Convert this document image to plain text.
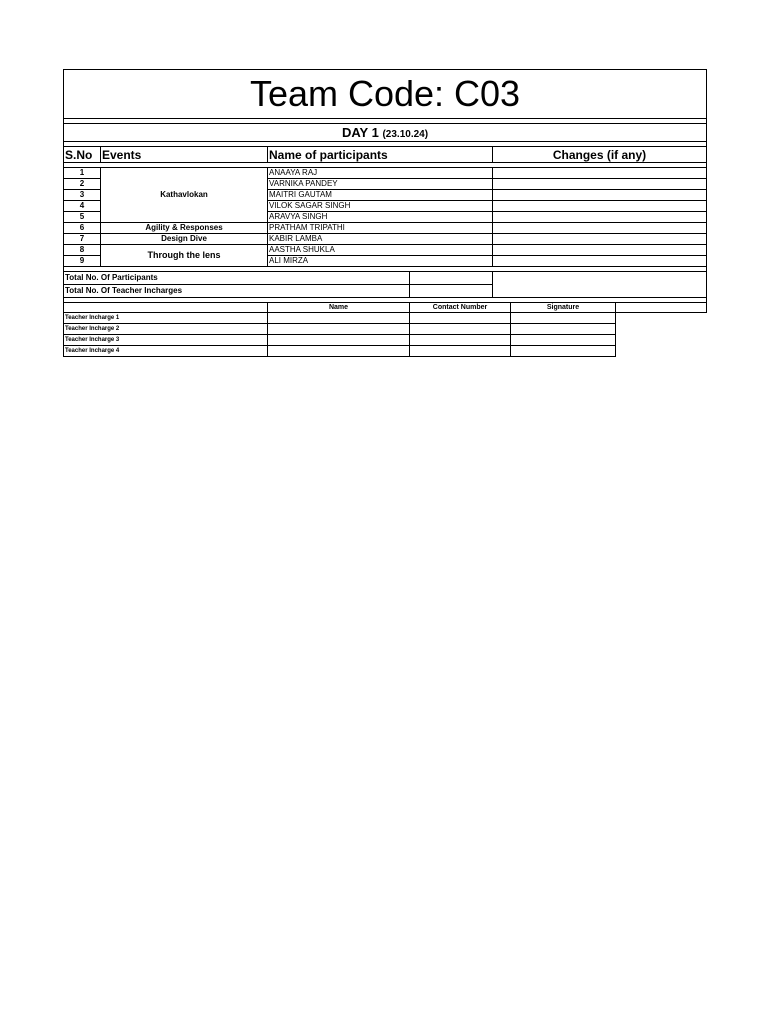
Team Code: C03						

DAY 1 (23.10.24)						

S.No	Events	Name of participants		Changes (if any)		

1	Kathavlokan	ANAAYA RAJ				
2		VARNIKA PANDEY				
3		MAITRI GAUTAM				
4		VILOK SAGAR SINGH				
5		ARAVYA SINGH				
6	Agility & Responses	PRATHAM TRIPATHI				
7	Design Dive	KABIR LAMBA				
8	Through the lens	AASTHA SHUKLA				
9		ALI MIRZA				

Total No. Of Participants						
Total No. Of Teacher Incharges						

		Name	Contact Number		Signature	
Teacher Incharge 1						
Teacher Incharge 2						
Teacher Incharge 3						
Teacher Incharge 4						
